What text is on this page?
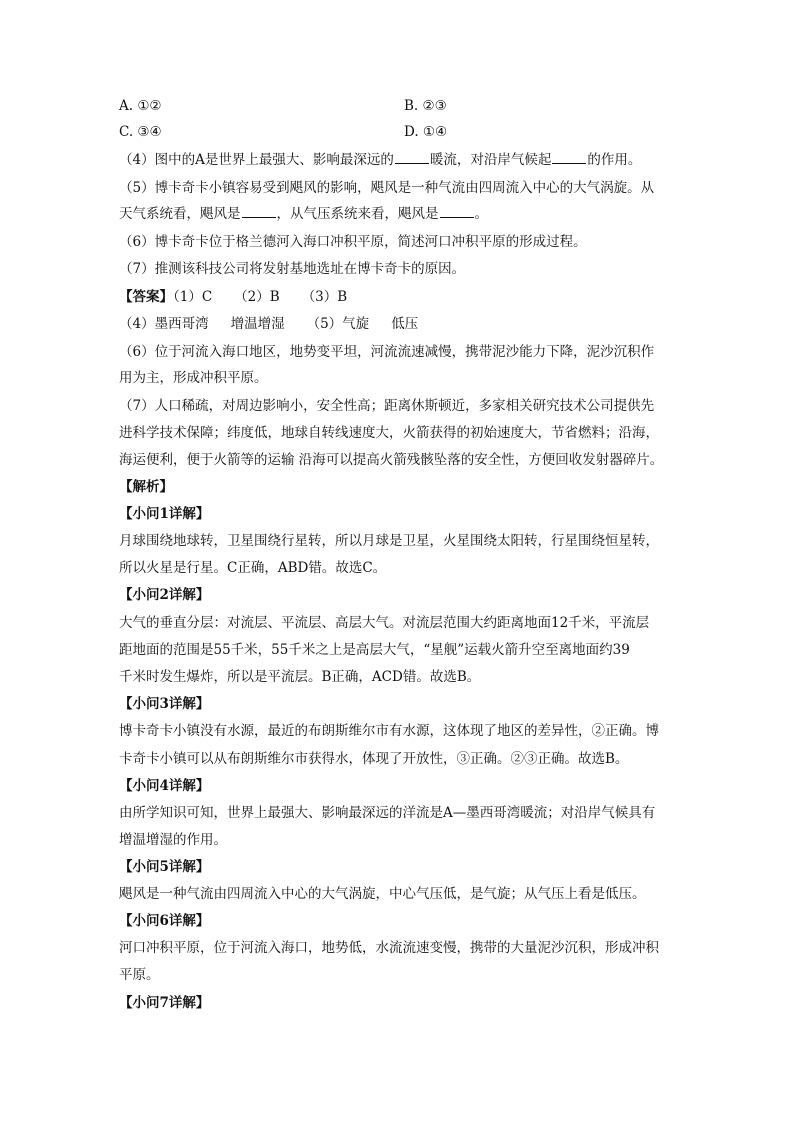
A. ①②	B. ②③
C. ③④	D. ①④
（4）图中的A是世界上最强大、影响最深远的	暖流，对沿岸气候起	的作用。
（5）博卡奇卡小镇容易受到飓风的影响，飓风是一种气流由四周流入中心的大气涡旋。从
天气系统看，飓风是	，从气压系统来看，飓风是	。
（6）博卡奇卡位于格兰德河入海口冲积平原，简述河口冲积平原的形成过程。
（7）推测该科技公司将发射基地选址在博卡奇卡的原因。
【答案】（1）C （2）B （3）B
（4）墨西哥湾 增温增湿 （5）气旋 低压
（6）位于河流入海口地区，地势变平坦，河流流速减慢，携带泥沙能力下降，泥沙沉积作
用为主，形成冲积平原。
（7）人口稀疏，对周边影响小，安全性高；距离休斯顿近，多家相关研究技术公司提供先
进科学技术保障；纬度低，地球自转线速度大，火箭获得的初始速度大，节省燃料；沿海，
海运便利，便于火箭等的运输 沿海可以提高火箭残骸坠落的安全性，方便回收发射器碎片。
【解析】
【小问1详解】
月球围绕地球转，卫星围绕行星转，所以月球是卫星，火星围绕太阳转，行星围绕恒星转，
所以火星是行星。C正确，ABD错。故选C。
【小问2详解】
大气的垂直分层：对流层、平流层、高层大气。对流层范围大约距离地面12千米，平流层
距地面的范围是55千米，55千米之上是高层大气，“星舰”运载火箭升空至离地面约39
千米时发生爆炸，所以是平流层。B正确，ACD错。故选B。
【小问3详解】
博卡奇卡小镇没有水源，最近的布朗斯维尔市有水源，这体现了地区的差异性，②正确。博
卡奇卡小镇可以从布朗斯维尔市获得水，体现了开放性，③正确。②③正确。故选B。
【小问4详解】
由所学知识可知，世界上最强大、影响最深远的洋流是A—墨西哥湾暖流；对沿岸气候具有
增温增湿的作用。
【小问5详解】
飓风是一种气流由四周流入中心的大气涡旋，中心气压低，是气旋；从气压上看是低压。
【小问6详解】
河口冲积平原，位于河流入海口，地势低，水流流速变慢，携带的大量泥沙沉积，形成冲积
平原。
【小问7详解】
